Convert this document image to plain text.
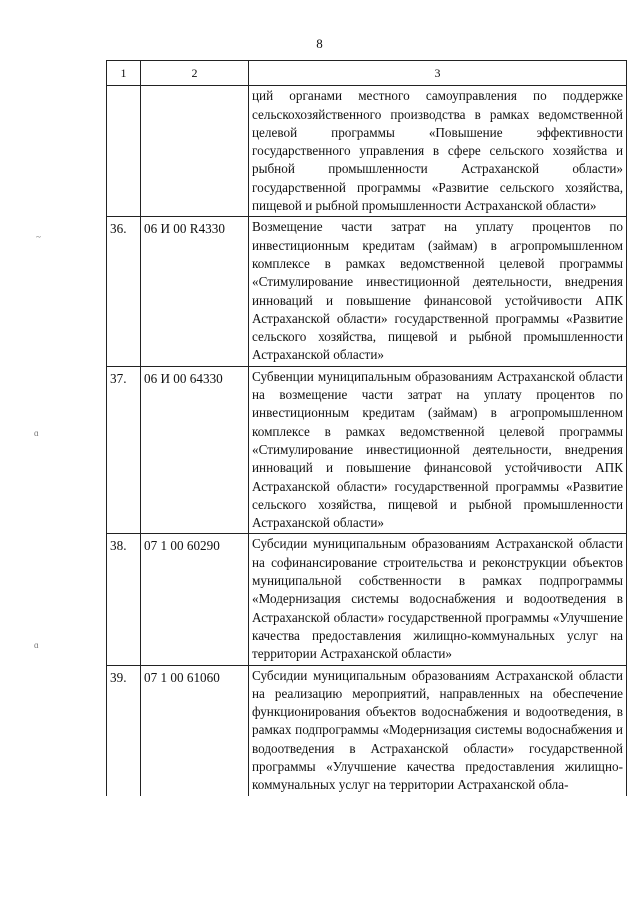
8
~
ɑ
ɑ
1	2	3
		ций органами местного самоуправления по поддержке сельскохозяйственного производства в рамках ведомственной целевой программы «Повышение эффективности государственного управления в сфере сельского хозяйства и рыбной промышленности Астраханской области» государственной программы «Развитие сельского хозяйства, пищевой и рыбной промышленности Астраханской области»
36.	06 И 00 R4330	Возмещение части затрат на уплату процентов по инвестиционным кредитам (займам) в агропромышленном комплексе в рамках ведомственной целевой программы «Стимулирование инвестиционной деятельности, внедрения инноваций и повышение финансовой устойчивости АПК Астраханской области» государственной программы «Развитие сельского хозяйства, пищевой и рыбной промышленности Астраханской области»
37.	06 И 00 64330	Субвенции муниципальным образованиям Астраханской области на возмещение части затрат на уплату процентов по инвестиционным кредитам (займам) в агропромышленном комплексе в рамках ведомственной целевой программы «Стимулирование инвестиционной деятельности, внедрения инноваций и повышение финансовой устойчивости АПК Астраханской области» государственной программы «Развитие сельского хозяйства, пищевой и рыбной промышленности Астраханской области»
38.	07 1 00 60290	Субсидии муниципальным образованиям Астраханской области на софинансирование строительства и реконструкции объектов муниципальной собственности в рамках подпрограммы «Модернизация системы водоснабжения и водоотведения в Астраханской области» государственной программы «Улучшение качества предоставления жилищно-коммунальных услуг на территории Астраханской области»
39.	07 1 00 61060	Субсидии муниципальным образованиям Астраханской области на реализацию мероприятий, направленных на обеспечение функционирования объектов водоснабжения и водоотведения, в рамках подпрограммы «Модернизация системы водоснабжения и водоотведения в Астраханской области» государственной программы «Улучшение качества предоставления жилищно-коммунальных услуг на территории Астраханской обла-
